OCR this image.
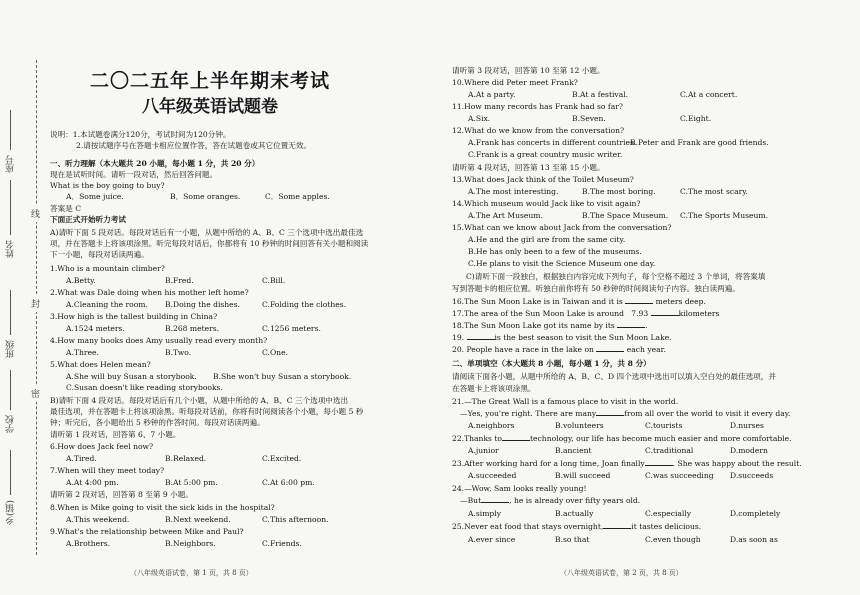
座号
姓名
班级
学校
乡(镇)
线
封
密
二〇二五年上半年期末考试
八年级英语试题卷
说明：1.本试题卷满分120分，考试时间为120分钟。
2.请按试题序号在答题卡相应位置作答，答在试题卷或其它位置无效。
一、听力理解（本大题共 20 小题，每小题 1 分，共 20 分）
现在是试听时间。请听一段对话，然后回答问题。
What is the boy going to buy?
A．Some juice.	B．Some oranges.	C．Some apples.
答案是 C
下面正式开始听力考试
A)请听下面 5 段对话。每段对话后有一小题，从题中所给的 A、B、C 三个选项中选出最佳选
项，并在答题卡上将该项涂黑。听完每段对话后，你都将有 10 秒钟的时间回答有关小题和阅读
下一小题，每段对话读两遍。
1.Who is a mountain climber?
A.Betty.	B.Fred.	C.Bill.
2.What was Dale doing when his mother left home?
A.Cleaning the room. B.Doing the dishes.	C.Folding the clothes.
3.How high is the tallest building in China?
A.1524 meters.	B.268 meters.	C.1256 meters.
4.How many books does Amy usually read every month?
A.Three.	B.Two.	C.One.
5.What does Helen mean?
A.She will buy Susan a storybook. B.She won't buy Susan a storybook.
C.Susan doesn't like reading storybooks.
B)请听下面 4 段对话。每段对话后有几个小题，从题中所给的 A、B、C 三个选项中选出
最佳选项，并在答题卡上将该项涂黑。听每段对话前，你将有时间阅读各个小题，每小题 5 秒
钟；听完后，各小题给出 5 秒钟的作答时间。每段对话读两遍。
请听第 1 段对话，回答第 6、7 小题。
6.How does Jack feel now?
A.Tired.	B.Relaxed.	C.Excited.
7.When will they meet today?
A.At 4:00 pm.	B.At 5:00 pm.	C.At 6:00 pm.
请听第 2 段对话，回答第 8 至第 9 小题。
8.When is Mike going to visit the sick kids in the hospital?
A.This weekend.	B.Next weekend.	C.This afternoon.
9.What's the relationship between Mike and Paul?
A.Brothers.	B.Neighbors.	C.Friends.
（八年级英语试卷，第 1 页，共 8 页）
请听第 3 段对话，回答第 10 至第 12 小题。
10.Where did Peter meet Frank?
A.At a party.	B.At a festival.	C.At a concert.
11.How many records has Frank had so far?
A.Six.	B.Seven.	C.Eight.
12.What do we know from the conversation?
A.Frank has concerts in different countries.
B.Peter and Frank are good friends.
C.Frank is a great country music writer.
请听第 4 段对话，回答第 13 至第 15 小题。
13.What does Jack think of the Toilet Museum?
A.The most interesting.	B.The most boring.	C.The most scary.
14.Which museum would Jack like to visit again?
A.The Art Museum.	B.The Space Museum. C.The Sports Museum.
15.What can we know about Jack from the conversation?
A.He and the girl are from the same city.
B.He has only been to a few of the museums.
C.He plans to visit the Science Museum one day.
C)请听下面一段独白，根据独白内容完成下列句子，每个空格不超过 3 个单词，将答案填
写到答题卡的相应位置。听独白前你将有 50 秒钟的时间阅读句子内容。独白读两遍。
16.The Sun Moon Lake is in Taiwan and it is	meters deep.
17.The area of the Sun Moon Lake is around 7.93	kilometers
18.The Sun Moon Lake got its name by its	.
19.	is the best season to visit the Sun Moon Lake.
20. People have a race in the lake on	each year.
二、单项填空（本大题共 8 小题，每小题 1 分，共 8 分）
请阅读下面各小题，从题中所给的 A、B、C、D 四个选项中选出可以填入空白处的最佳选项，并
在答题卡上将该项涂黑。
21.—The Great Wall is a famous place to visit in the world.
—Yes, you're right. There are many	from all over the world to visit it every day.
A.neighbors	B.volunteers	C.tourists	D.nurses
22.Thanks to	technology, our life has become much easier and more comfortable.
A.junior	B.ancient	C.traditional	D.modern
23.After working hard for a long time, Joan finally	. She was happy about the result.
A.succeeded	B.will succeed	C.was succeeding D.succeeds
24.—Wow, Sam looks really young!
—But	, he is already over fifty years old.
A.simply	B.actually	C.especially	D.completely
25.Never eat food that stays overnight,	it tastes delicious.
A.ever since	B.so that	C.even though	D.as soon as
（八年级英语试卷，第 2 页，共 8 页）
